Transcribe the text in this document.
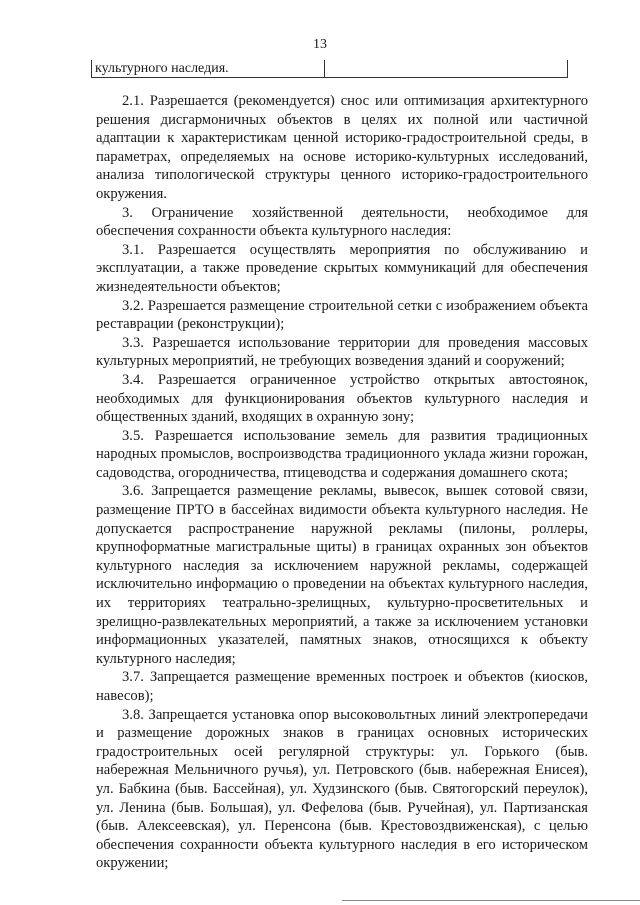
13
культурного наследия.

2.1. Разрешается (рекомендуется) снос или оптимизация архитектурного решения дисгармоничных объектов в целях их полной или частичной адаптации к характеристикам ценной историко-градостроительной среды, в параметрах, определяемых на основе историко-культурных исследований, анализа типологической структуры ценного историко-градостроительного окружения.

3. Ограничение хозяйственной деятельности, необходимое для обеспечения сохранности объекта культурного наследия:

3.1. Разрешается осуществлять мероприятия по обслуживанию и эксплуатации, а также проведение скрытых коммуникаций для обеспечения жизнедеятельности объектов;

3.2. Разрешается размещение строительной сетки с изображением объекта реставрации (реконструкции);

3.3. Разрешается использование территории для проведения массовых культурных мероприятий, не требующих возведения зданий и сооружений;

3.4. Разрешается ограниченное устройство открытых автостоянок, необходимых для функционирования объектов культурного наследия и общественных зданий, входящих в охранную зону;

3.5. Разрешается использование земель для развития традиционных народных промыслов, воспроизводства традиционного уклада жизни горожан, садоводства, огородничества, птицеводства и содержания домашнего скота;

3.6. Запрещается размещение рекламы, вывесок, вышек сотовой связи, размещение ПРТО в бассейнах видимости объекта культурного наследия. Не допускается распространение наружной рекламы (пилоны, роллеры, крупноформатные магистральные щиты) в границах охранных зон объектов культурного наследия за исключением наружной рекламы, содержащей исключительно информацию о проведении на объектах культурного наследия, их территориях театрально-зрелищных, культурно-просветительных и зрелищно-развлекательных мероприятий, а также за исключением установки информационных указателей, памятных знаков, относящихся к объекту культурного наследия;

3.7. Запрещается размещение временных построек и объектов (киосков, навесов);

3.8. Запрещается установка опор высоковольтных линий электропередачи и размещение дорожных знаков в границах основных исторических градостроительных осей регулярной структуры: ул. Горького (быв. набережная Мельничного ручья), ул. Петровского (быв. набережная Енисея), ул. Бабкина (быв. Бассейная), ул. Худзинского (быв. Святогорский переулок), ул. Ленина (быв. Большая), ул. Фефелова (быв. Ручейная), ул. Партизанская (быв. Алексеевская), ул. Перенсона (быв. Крестовоздвиженская), с целью обеспечения сохранности объекта культурного наследия в его историческом окружении;
